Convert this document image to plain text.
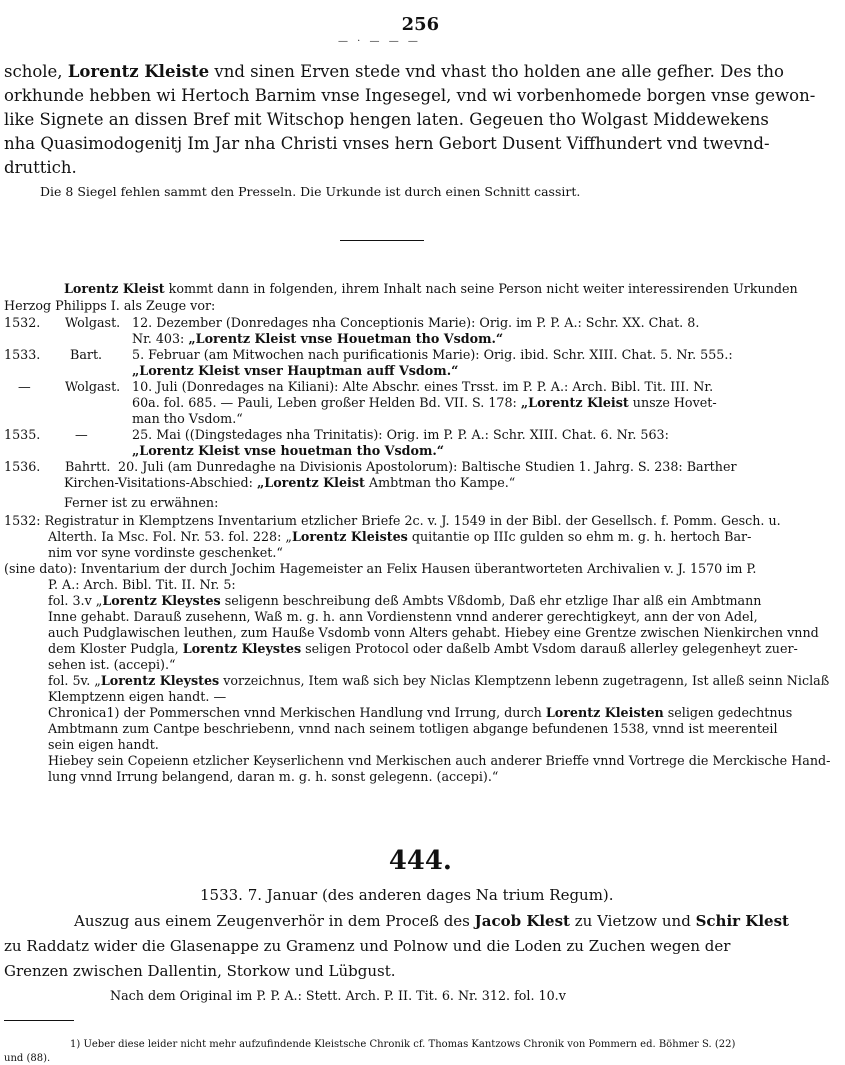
256
— · — — —
schole, Lorentz Kleiste vnd sinen Erven stede vnd vhast tho holden ane alle gefher. Des tho
orkhunde hebben wi Hertoch Barnim vnse Ingesegel, vnd wi vorbenhomede borgen vnse gewon-
like Signete an dissen Bref mit Witschop hengen laten. Gegeuen tho Wolgast Middewekens
nha Quasimodogenitj Im Jar nha Christi vnses hern Gebort Dusent Viffhundert vnd twevnd-
druttich.
Die 8 Siegel fehlen sammt den Presseln. Die Urkunde ist durch einen Schnitt cassirt.
Lorentz Kleist kommt dann in folgenden, ihrem Inhalt nach seine Person nicht weiter interessirenden Urkunden
Herzog Philipps I. als Zeuge vor:
1532. Wolgast. 12. Dezember (Donredages nha Conceptionis Marie): Orig. im P. P. A.: Schr. XX. Chat. 8.
Nr. 403: „Lorentz Kleist vnse Houetman tho Vsdom.“
1533. Bart. 5. Februar (am Mitwochen nach purificationis Marie): Orig. ibid. Schr. XIII. Chat. 5. Nr. 555.:
„Lorentz Kleist vnser Hauptman auff Vsdom.“
—	Wolgast. 10. Juli (Donredages na Kiliani): Alte Abschr. eines Trsst. im P. P. A.: Arch. Bibl. Tit. III. Nr.
60a. fol. 685. — Pauli, Leben großer Helden Bd. VII. S. 178: „Lorentz Kleist unsze Hovet-
man tho Vsdom.“
1535.	—	25. Mai ((Dingstedages nha Trinitatis): Orig. im P. P. A.: Schr. XIII. Chat. 6. Nr. 563:
„Lorentz Kleist vnse houetman tho Vsdom.“
1536. Bahrtt. 20. Juli (am Dunredaghe na Divisionis Apostolorum): Baltische Studien 1. Jahrg. S. 238: Barther
Kirchen-Visitations-Abschied: „Lorentz Kleist Ambtman tho Kampe.“
Ferner ist zu erwähnen:
1532: Registratur in Klemptzens Inventarium etzlicher Briefe 2c. v. J. 1549 in der Bibl. der Gesellsch. f. Pomm. Gesch. u.
Alterth. Ia Msc. Fol. Nr. 53. fol. 228: „Lorentz Kleistes quitantie op IIIc gulden so ehm m. g. h. hertoch Bar-
nim vor syne vordinste geschenket.“
(sine dato): Inventarium der durch Jochim Hagemeister an Felix Hausen überantworteten Archivalien v. J. 1570 im P.
P. A.: Arch. Bibl. Tit. II. Nr. 5:
fol. 3.v „Lorentz Kleystes seligenn beschreibung deß Ambts Vßdomb, Daß ehr etzlige Ihar alß ein Ambtmann
Inne gehabt. Darauß zusehenn, Waß m. g. h. ann Vordienstenn vnnd anderer gerechtigkeyt, ann der von Adel,
auch Pudglawischen leuthen, zum Hauße Vsdomb vonn Alters gehabt. Hiebey eine Grentze zwischen Nienkirchen vnnd
dem Kloster Pudgla, Lorentz Kleystes seligen Protocol oder daßelb Ambt Vsdom darauß allerley gelegenheyt zuer-
sehen ist. (accepi).“
fol. 5v. „Lorentz Kleystes vorzeichnus, Item waß sich bey Niclas Klemptzenn lebenn zugetragenn, Ist alleß seinn Niclaß
Klemptzenn eigen handt. —
Chronica1) der Pommerschen vnnd Merkischen Handlung vnd Irrung, durch Lorentz Kleisten seligen gedechtnus
Ambtmann zum Cantpe beschriebenn, vnnd nach seinem totligen abgange befundenen 1538, vnnd ist meerenteil
sein eigen handt.
Hiebey sein Copeienn etzlicher Keyserlichenn vnd Merkischen auch anderer Brieffe vnnd Vortrege die Merckische Hand-
lung vnnd Irrung belangend, daran m. g. h. sonst gelegenn. (accepi).“
444.
1533. 7. Januar (des anderen dages Na trium Regum).
Auszug aus einem Zeugenverhör in dem Proceß des Jacob Klest zu Vietzow und Schir Klest
zu Raddatz wider die Glasenappe zu Gramenz und Polnow und die Loden zu Zuchen wegen der
Grenzen zwischen Dallentin, Storkow und Lübgust.
Nach dem Original im P. P. A.: Stett. Arch. P. II. Tit. 6. Nr. 312. fol. 10.v
1) Ueber diese leider nicht mehr aufzufindende Kleistsche Chronik cf. Thomas Kantzows Chronik von Pommern ed. Böhmer S. (22)
und (88).
